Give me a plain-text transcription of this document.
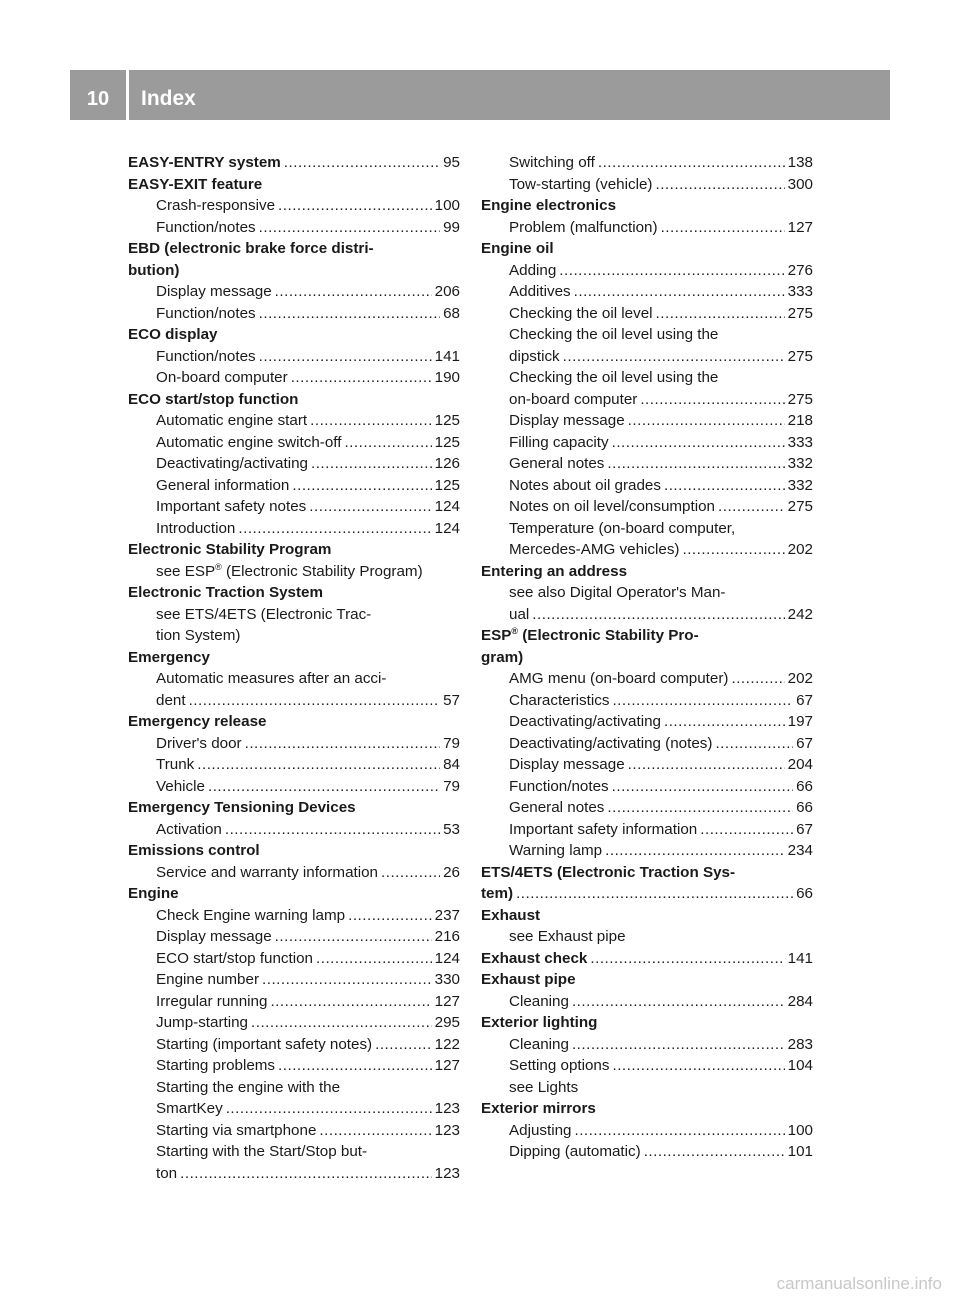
10	Index
EASY-ENTRY system .....	95
EASY-EXIT feature
Crash-responsive .....	100
Function/notes .....	99
EBD (electronic brake force distri-
bution)
Display message .....	206
Function/notes .....	68
ECO display
Function/notes .....	141
On-board computer .....	190
ECO start/stop function
Automatic engine start .....	125
Automatic engine switch-off .....	125
Deactivating/activating .....	126
General information .....	125
Important safety notes .....	124
Introduction .....	124
Electronic Stability Program
see ESP® (Electronic Stability Program)
Electronic Traction System
see ETS/4ETS (Electronic Trac-
tion System)
Emergency
Automatic measures after an acci-
dent .....	57
Emergency release
Driver's door .....	79
Trunk .....	84
Vehicle .....	79
Emergency Tensioning Devices
Activation .....	53
Emissions control
Service and warranty information .....	26
Engine
Check Engine warning lamp .....	237
Display message .....	216
ECO start/stop function .....	124
Engine number .....	330
Irregular running .....	127
Jump-starting .....	295
Starting (important safety notes) .....	122
Starting problems .....	127
Starting the engine with the
SmartKey .....	123
Starting via smartphone .....	123
Starting with the Start/Stop but-
ton .....	123
Switching off .....	138
Tow-starting (vehicle) .....	300
Engine electronics
Problem (malfunction) .....	127
Engine oil
Adding .....	276
Additives .....	333
Checking the oil level .....	275
Checking the oil level using the
dipstick .....	275
Checking the oil level using the
on-board computer .....	275
Display message .....	218
Filling capacity .....	333
General notes .....	332
Notes about oil grades .....	332
Notes on oil level/consumption .....	275
Temperature (on-board computer,
Mercedes-AMG vehicles) .....	202
Entering an address
see also Digital Operator's Man-
ual .....	242
ESP® (Electronic Stability Pro-
gram)
AMG menu (on-board computer) .....	202
Characteristics .....	67
Deactivating/activating .....	197
Deactivating/activating (notes) .....	67
Display message .....	204
Function/notes .....	66
General notes .....	66
Important safety information .....	67
Warning lamp .....	234
ETS/4ETS (Electronic Traction Sys-
tem) .....	66
Exhaust
see Exhaust pipe
Exhaust check .....	141
Exhaust pipe
Cleaning .....	284
Exterior lighting
Cleaning .....	283
Setting options .....	104
see Lights
Exterior mirrors
Adjusting .....	100
Dipping (automatic) .....	101
carmanualsonline.info
